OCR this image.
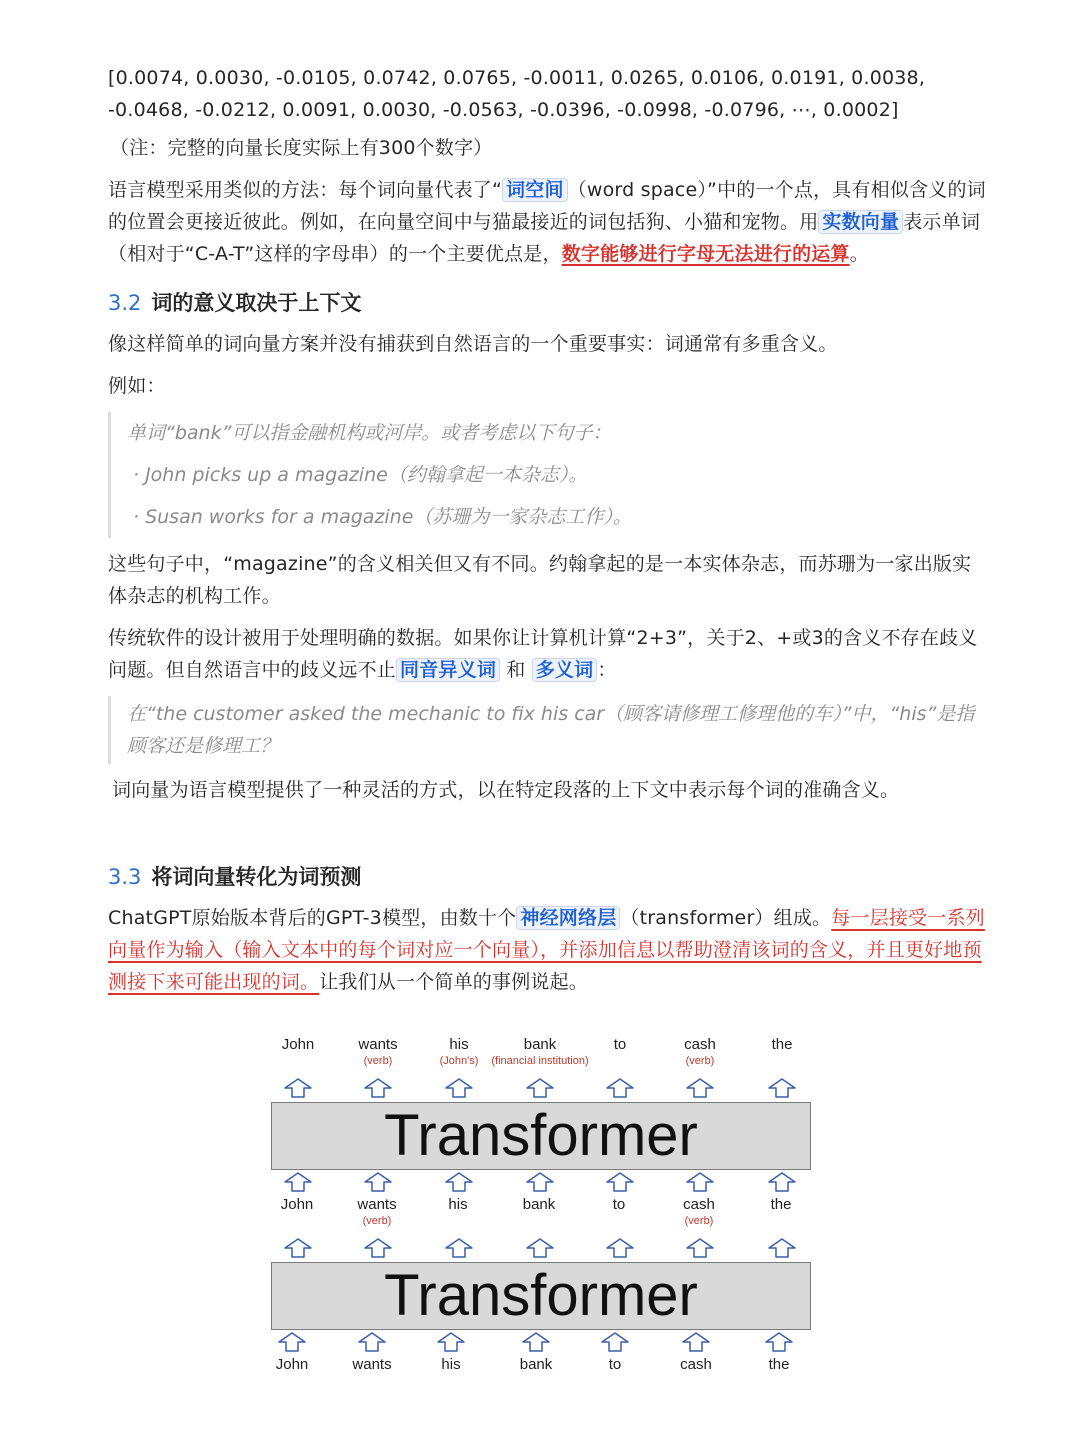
[0.0074, 0.0030, -0.0105, 0.0742, 0.0765, -0.0011, 0.0265, 0.0106, 0.0191, 0.0038, -0.0468, -0.0212, 0.0091, 0.0030, -0.0563, -0.0396, -0.0998, -0.0796, ⋯, 0.0002]

（注：完整的向量长度实际上有300个数字）

语言模型采用类似的方法：每个词向量代表了“ 词空间 （word space）”中的一个点，具有相似含义的词的位置会更接近彼此。例如，在向量空间中与猫最接近的词包括狗、小猫和宠物。用 实数向量 表示单词（相对于“C-A-T”这样的字母串）的一个主要优点是，数字能够进行字母无法进行的运算。

3.2 词的意义取决于上下文

像这样简单的词向量方案并没有捕获到自然语言的一个重要事实：词通常有多重含义。

例如：

单词“bank”可以指金融机构或河岸。或者考虑以下句子：
· John picks up a magazine（约翰拿起一本杂志）。
· Susan works for a magazine（苏珊为一家杂志工作）。

这些句子中，“magazine”的含义相关但又有不同。约翰拿起的是一本实体杂志，而苏珊为一家出版实体杂志的机构工作。

传统软件的设计被用于处理明确的数据。如果你让计算机计算“2+3”，关于2、+或3的含义不存在歧义问题。但自然语言中的歧义远不止 同音异义词 和 多义词 ：

在“the customer asked the mechanic to fix his car（顾客请修理工修理他的车）”中，“his”是指顾客还是修理工？

词向量为语言模型提供了一种灵活的方式，以在特定段落的上下文中表示每个词的准确含义。

3.3 将词向量转化为词预测

ChatGPT原始版本背后的GPT-3模型，由数十个 神经网络层 （transformer）组成。每一层接受一系列向量作为输入（输入文本中的每个词对应一个向量），并添加信息以帮助澄清该词的含义，并且更好地预测接下来可能出现的词。让我们从一个简单的事例说起。

Transformer
Transformer
John	wants
(verb)
his
(John's)
bank
(financial institution)
to	cash
(verb)
the
John	wants
(verb)
his	bank	to	cash
(verb)
the
John	wants	his	bank	to	cash	the
